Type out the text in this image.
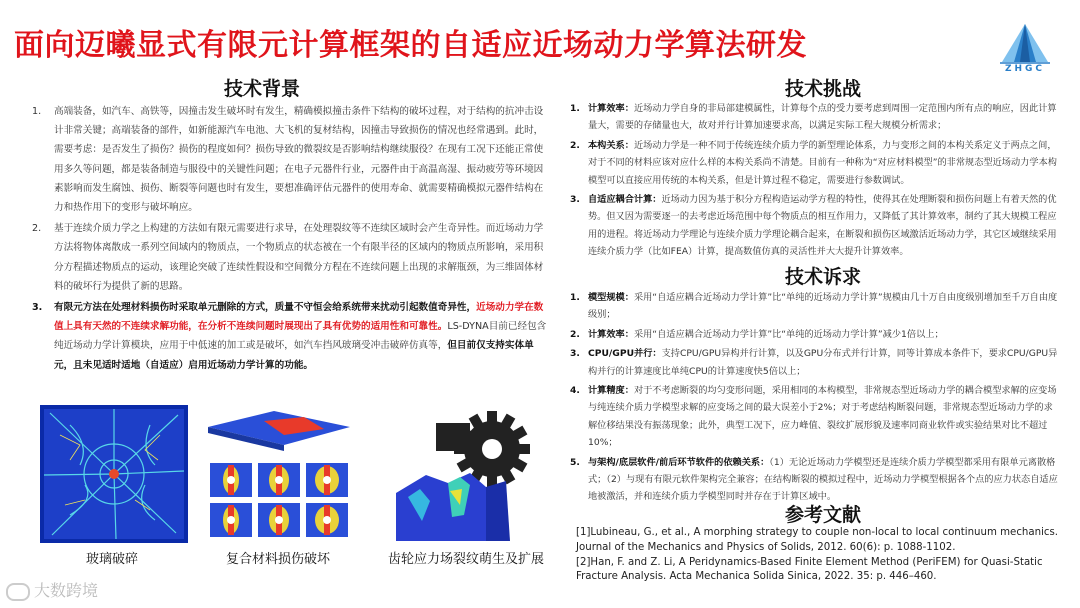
面向迈曦显式有限元计算框架的自适应近场动力学算法研发
ZHGC
技术背景
1. 高端装备，如汽车、高铁等，因撞击发生破坏时有发生，精确模拟撞击条件下结构的破坏过程，对于结构的抗冲击设计非常关键；高端装备的部件，如新能源汽车电池、大飞机的复材结构，因撞击导致损伤的情况也经常遇到。此时，需要考虑：是否发生了损伤？损伤的程度如何？损伤导致的微裂纹是否影响结构继续服役？在现有工况下还能正常使用多久等问题，都是装备制造与服役中的关键性问题；在电子元器件行业，元器件由于高温高湿、振动疲劳等环境因素影响而发生腐蚀、损伤、断裂等问题也时有发生，要想准确评估元器件的使用寿命、就需要精确模拟元器件结构在力和热作用下的变形与破坏响应。
2. 基于连续介质力学之上构建的方法如有限元需要进行求导，在处理裂纹等不连续区域时会产生奇异性。而近场动力学方法将物体离散成一系列空间域内的物质点，一个物质点的状态被在一个有限半径的区域内的物质点所影响，采用积分方程描述物质点的运动，该理论突破了连续性假设和空间微分方程在不连续问题上出现的求解瓶颈，为三维固体材料的破坏行为提供了新的思路。
3. 有限元方法在处理材料损伤时采取单元删除的方式，质量不守恒会给系统带来扰动引起数值奇异性，近场动力学在数值上具有天然的不连续求解功能，在分析不连续问题时展现出了具有优势的适用性和可靠性。LS-DYNA目前已经包含纯近场动力学计算模块，应用于中低速的加工或是破坏，如汽车挡风玻璃受冲击破碎仿真等，但目前仅支持实体单元，且未见适时适地（自适应）启用近场动力学计算的功能。
玻璃破碎	复合材料损伤破坏	齿轮应力场裂纹萌生及扩展
技术挑战
1. 计算效率：近场动力学自身的非局部建模属性，计算每个点的受力要考虑到周围一定范围内所有点的响应，因此计算量大，需要的存储量也大，故对并行计算加速要求高，以满足实际工程大规模分析需求；
2. 本构关系：近场动力学是一种不同于传统连续介质力学的新型理论体系，力与变形之间的本构关系定义于两点之间，对于不同的材料应该对应什么样的本构关系尚不清楚。目前有一种称为“对应材料模型”的非常规态型近场动力学本构模型可以直接应用传统的本构关系，但是计算过程不稳定，需要进行参数调试。
3. 自适应耦合计算：近场动力因为基于积分方程构造运动学方程的特性，使得其在处理断裂和损伤问题上有着天然的优势。但又因为需要逐一的去考虑近场范围中每个物质点的相互作用力，又降低了其计算效率，制约了其大规模工程应用的进程。将近场动力学理论与连续介质力学理论耦合起来，在断裂和损伤区域激活近场动力学，其它区域继续采用连续介质力学（比如FEA）计算，提高数值仿真的灵活性并大大提升计算效率。
技术诉求
1. 模型规模：采用“自适应耦合近场动力学计算”比“单纯的近场动力学计算”规模由几十万自由度级别增加至千万自由度级别；
2. 计算效率：采用“自适应耦合近场动力学计算”比“单纯的近场动力学计算”减少1倍以上；
3. CPU/GPU并行：支持CPU/GPU异构并行计算，以及GPU分布式并行计算，同等计算成本条件下，要求CPU/GPU异构并行的计算速度比单纯CPU的计算速度快5倍以上；
4. 计算精度：对于不考虑断裂的均匀变形问题，采用相同的本构模型，非常规态型近场动力学的耦合模型求解的应变场与纯连续介质力学模型求解的应变场之间的最大误差小于2%；对于考虑结构断裂问题，非常规态型近场动力学的求解位移结果没有振荡现象；此外，典型工况下，应力峰值、裂纹扩展形貌及速率同商业软件或实验结果对比不超过10%；
5. 与架构/底层软件/前后环节软件的依赖关系：（1）无论近场动力学模型还是连续介质力学模型都采用有限单元离散格式；（2）与现有有限元软件架构完全兼容；在结构断裂的模拟过程中，近场动力学模型根据各个点的应力状态自适应地被激活，并和连续介质力学模型同时并存在于计算区域中。
参考文献
[1]Lubineau, G., et al., A morphing strategy to couple non-local to local continuum mechanics. Journal of the Mechanics and Physics of Solids, 2012. 60(6): p. 1088-1102.
[2]Han, F. and Z. Li, A Peridynamics-Based Finite Element Method (PeriFEM) for Quasi-Static Fracture Analysis. Acta Mechanica Solida Sinica, 2022. 35: p. 446–460.
大数跨境
